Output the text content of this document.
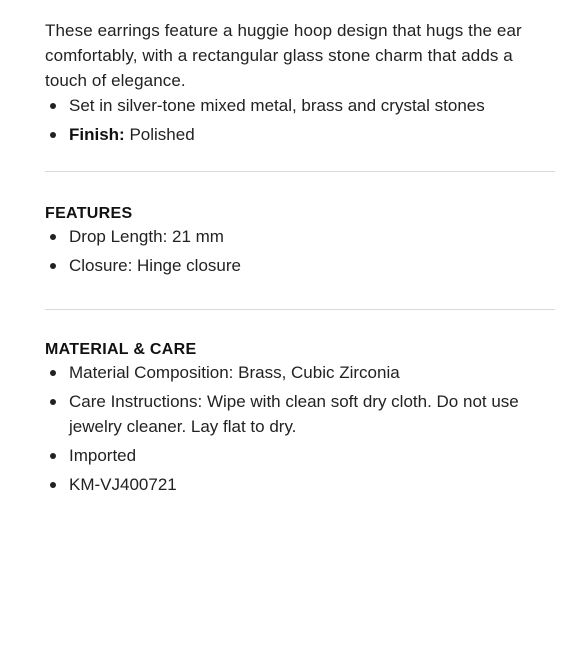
These earrings feature a huggie hoop design that hugs the ear comfortably, with a rectangular glass stone charm that adds a touch of elegance.

Set in silver-tone mixed metal, brass and crystal stones
Finish: Polished
FEATURES
Drop Length: 21 mm
Closure: Hinge closure
MATERIAL & CARE
Material Composition: Brass, Cubic Zirconia
Care Instructions: Wipe with clean soft dry cloth. Do not use jewelry cleaner. Lay flat to dry.
Imported
KM-VJ400721
